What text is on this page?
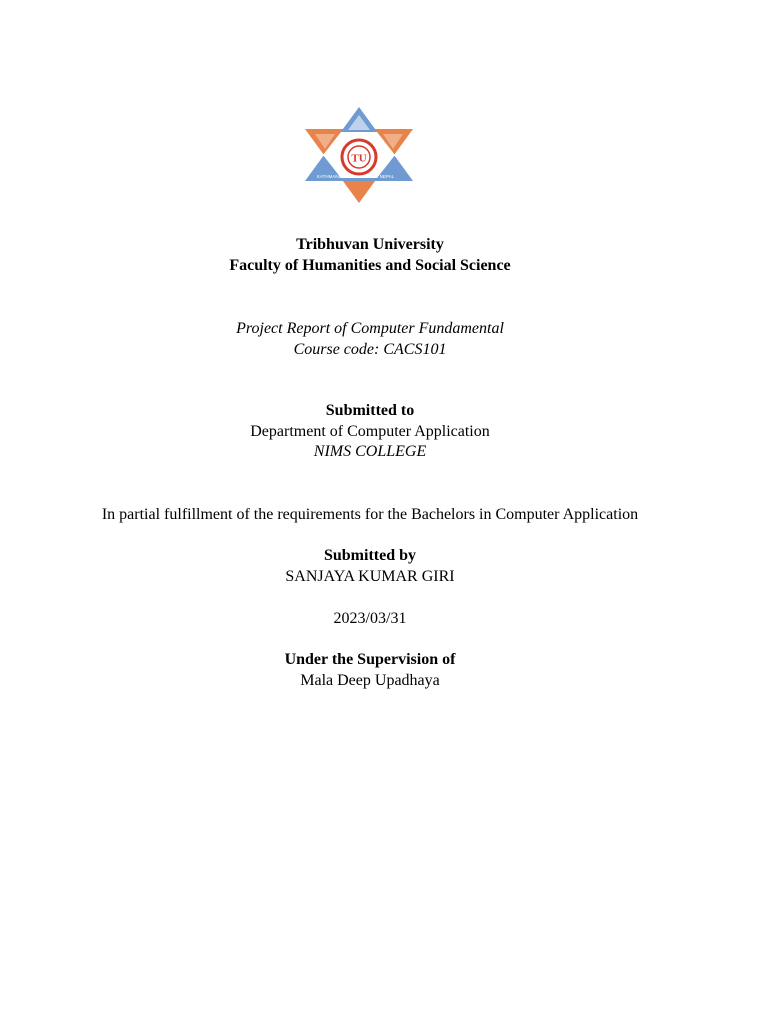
TU
KATHMANDU	NEPAL
Tribhuvan University
Faculty of Humanities and Social Science
Project Report of Computer Fundamental
Course code: CACS101
Submitted to
Department of Computer Application
NIMS COLLEGE
In partial fulfillment of the requirements for the Bachelors in Computer Application
Submitted by
SANJAYA KUMAR GIRI
2023/03/31
Under the Supervision of
Mala Deep Upadhaya
